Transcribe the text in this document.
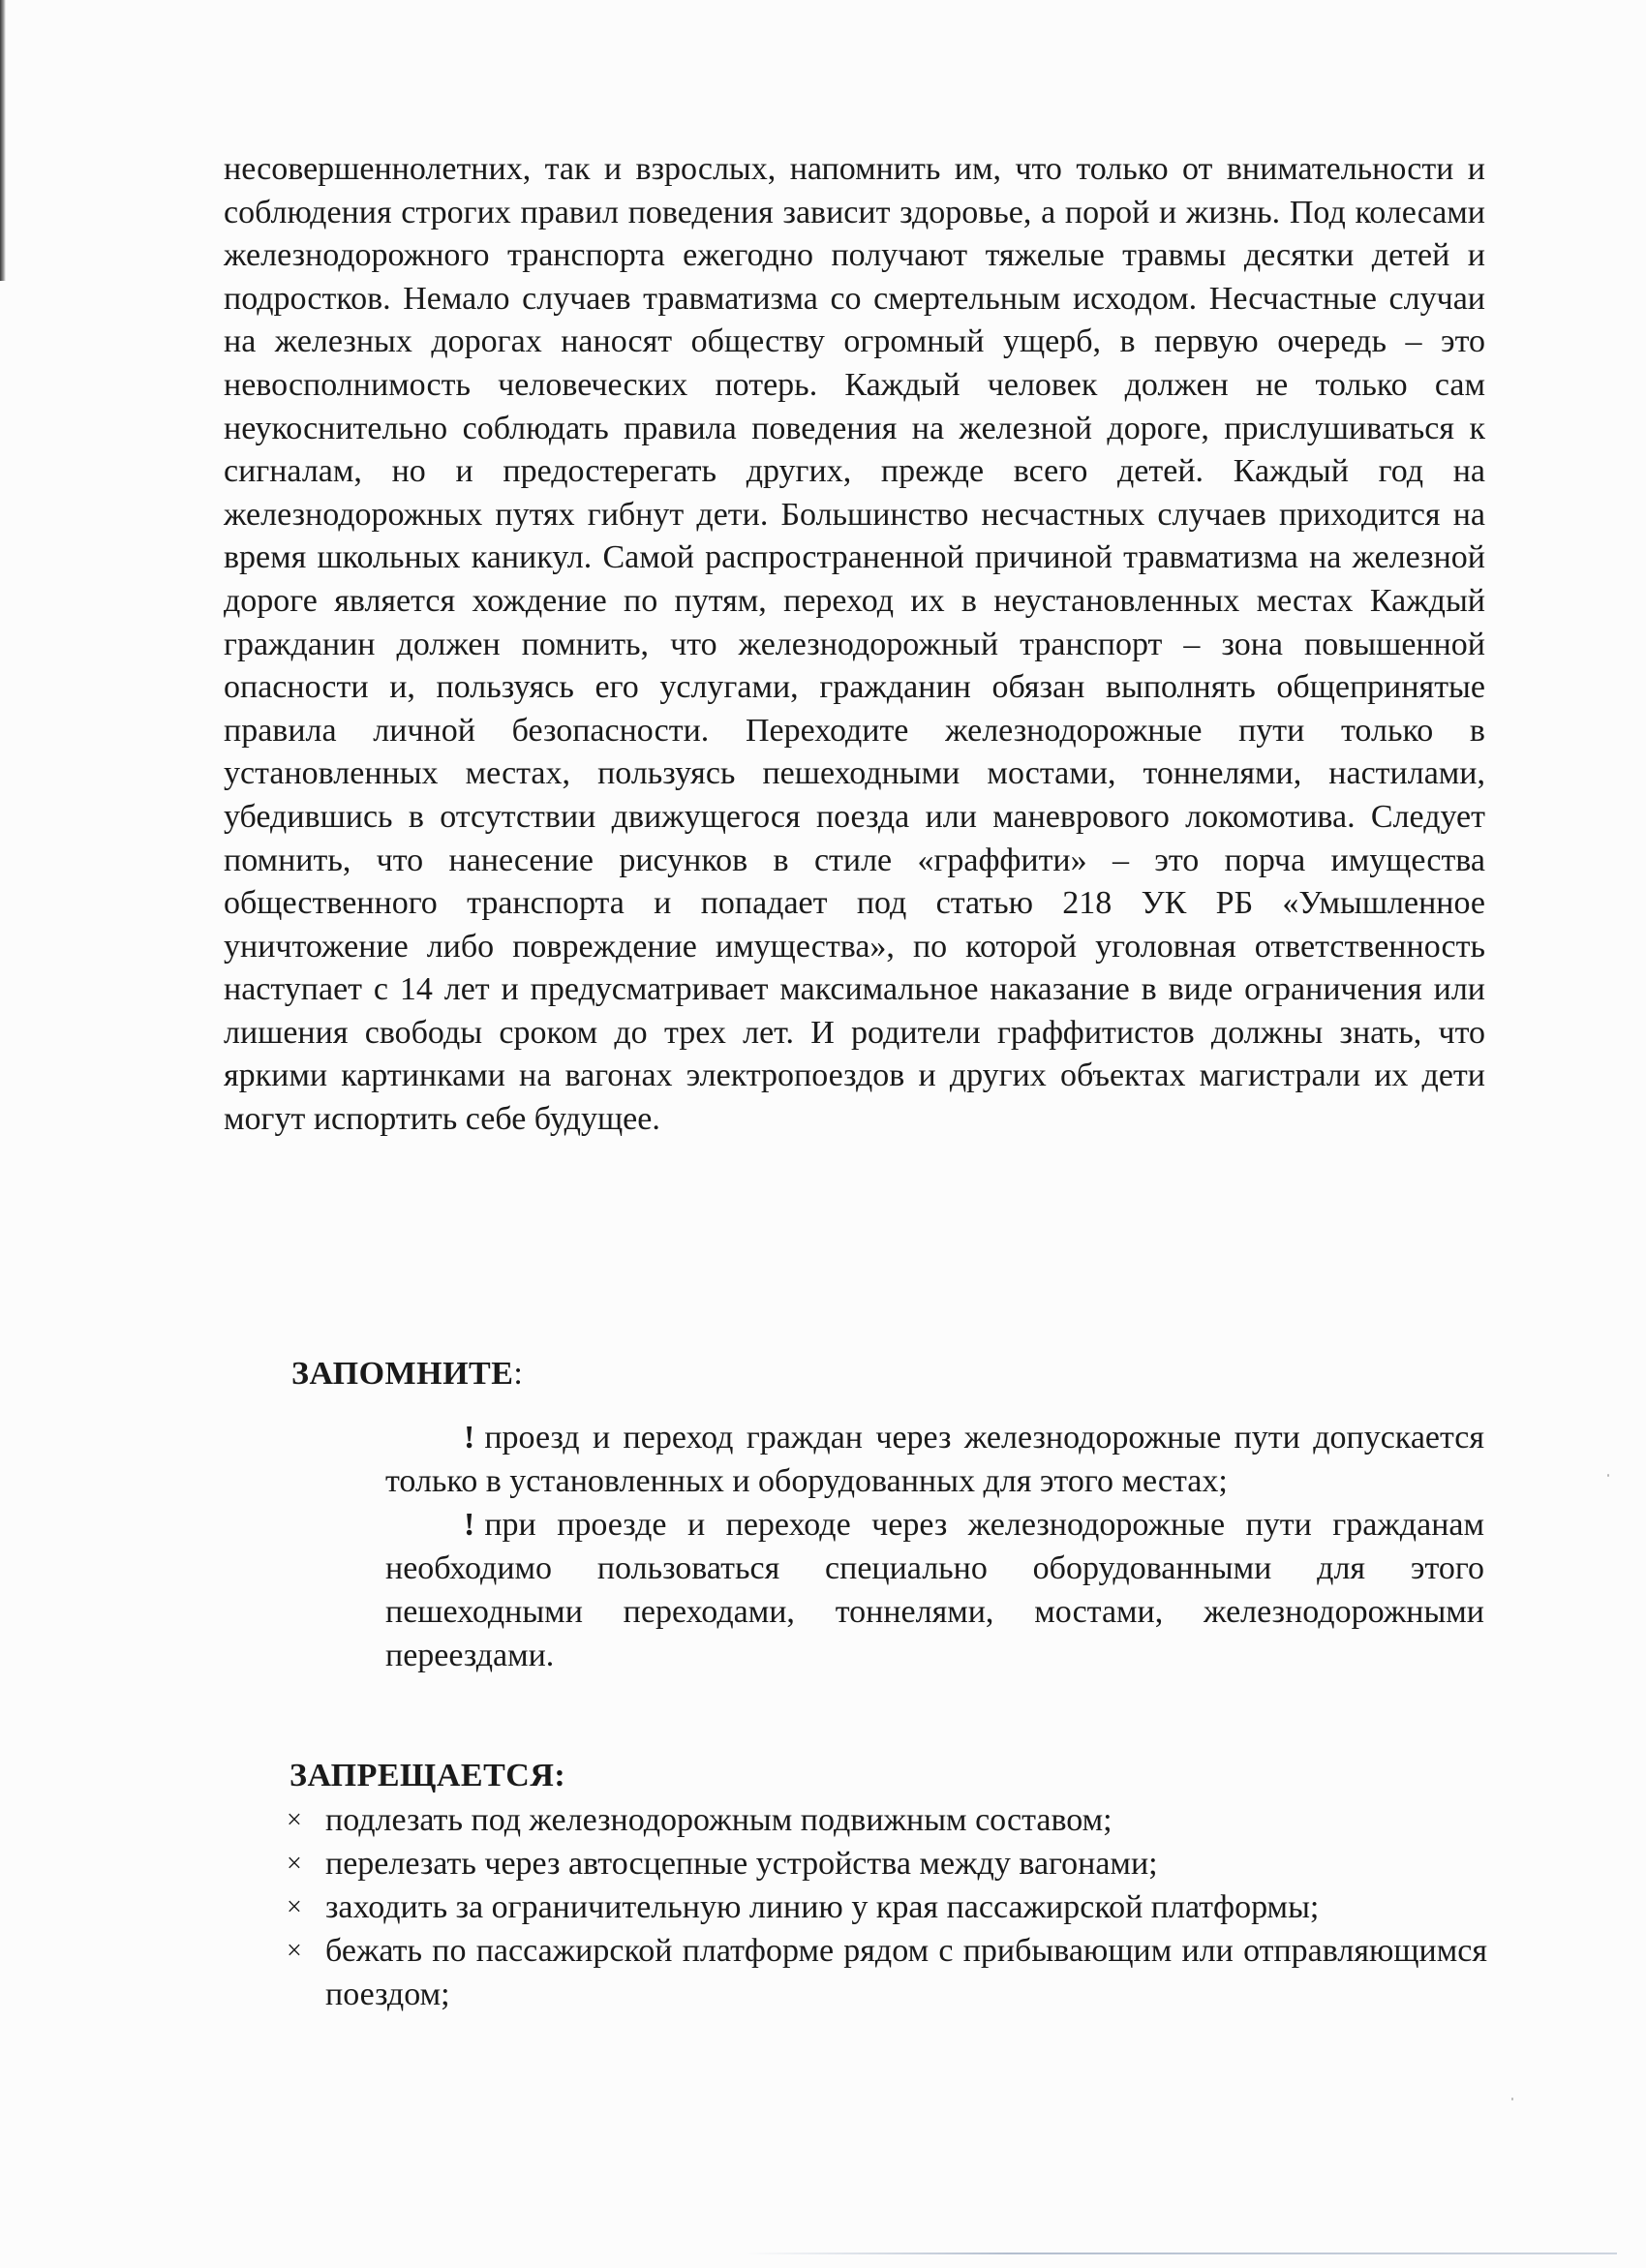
несовершеннолетних, так и взрослых, напомнить им, что только от внимательности и соблюдения строгих правил поведения зависит здоровье, а порой и жизнь. Под колесами железнодорожного транспорта ежегодно получают тяжелые травмы десятки детей и подростков. Немало случаев травматизма со смертельным исходом. Несчастные случаи на железных дорогах наносят обществу огромный ущерб, в первую очередь – это невосполнимость человеческих потерь. Каждый человек должен не только сам неукоснительно соблюдать правила поведения на железной дороге, прислушиваться к сигналам, но и предостерегать других, прежде всего детей. Каждый год на железнодорожных путях гибнут дети. Большинство несчастных случаев приходится на время школьных каникул. Самой распространенной причиной травматизма на железной дороге является хождение по путям, переход их в неустановленных местах Каждый гражданин должен помнить, что железнодорожный транспорт – зона повышенной опасности и, пользуясь его услугами, гражданин обязан выполнять общепринятые правила личной безопасности. Переходите железнодорожные пути только в установленных местах, пользуясь пешеходными мостами, тоннелями, настилами, убедившись в отсутствии движущегося поезда или маневрового локомотива. Следует помнить, что нанесение рисунков в стиле «граффити» – это порча имущества общественного транспорта и попадает под статью 218 УК РБ «Умышленное уничтожение либо повреждение имущества», по которой уголовная ответственность наступает с 14 лет и предусматривает максимальное наказание в виде ограничения или лишения свободы сроком до трех лет. И родители граффитистов должны знать, что яркими картинками на вагонах электропоездов и других объектах магистрали их дети могут испортить себе будущее.

ЗАПОМНИТЕ:
! проезд и переход граждан через железнодорожные пути допускается только в установленных и оборудованных для этого местах;
! при проезде и переходе через железнодорожные пути гражданам необходимо пользоваться специально оборудованными для этого пешеходными переходами, тоннелями, мостами, железнодорожными переездами.
ЗАПРЕЩАЕТСЯ:
× подлезать под железнодорожным подвижным составом;
× перелезать через автосцепные устройства между вагонами;
× заходить за ограничительную линию у края пассажирской платформы;
× бежать по пассажирской платформе рядом с прибывающим или отправляющимся поездом;
